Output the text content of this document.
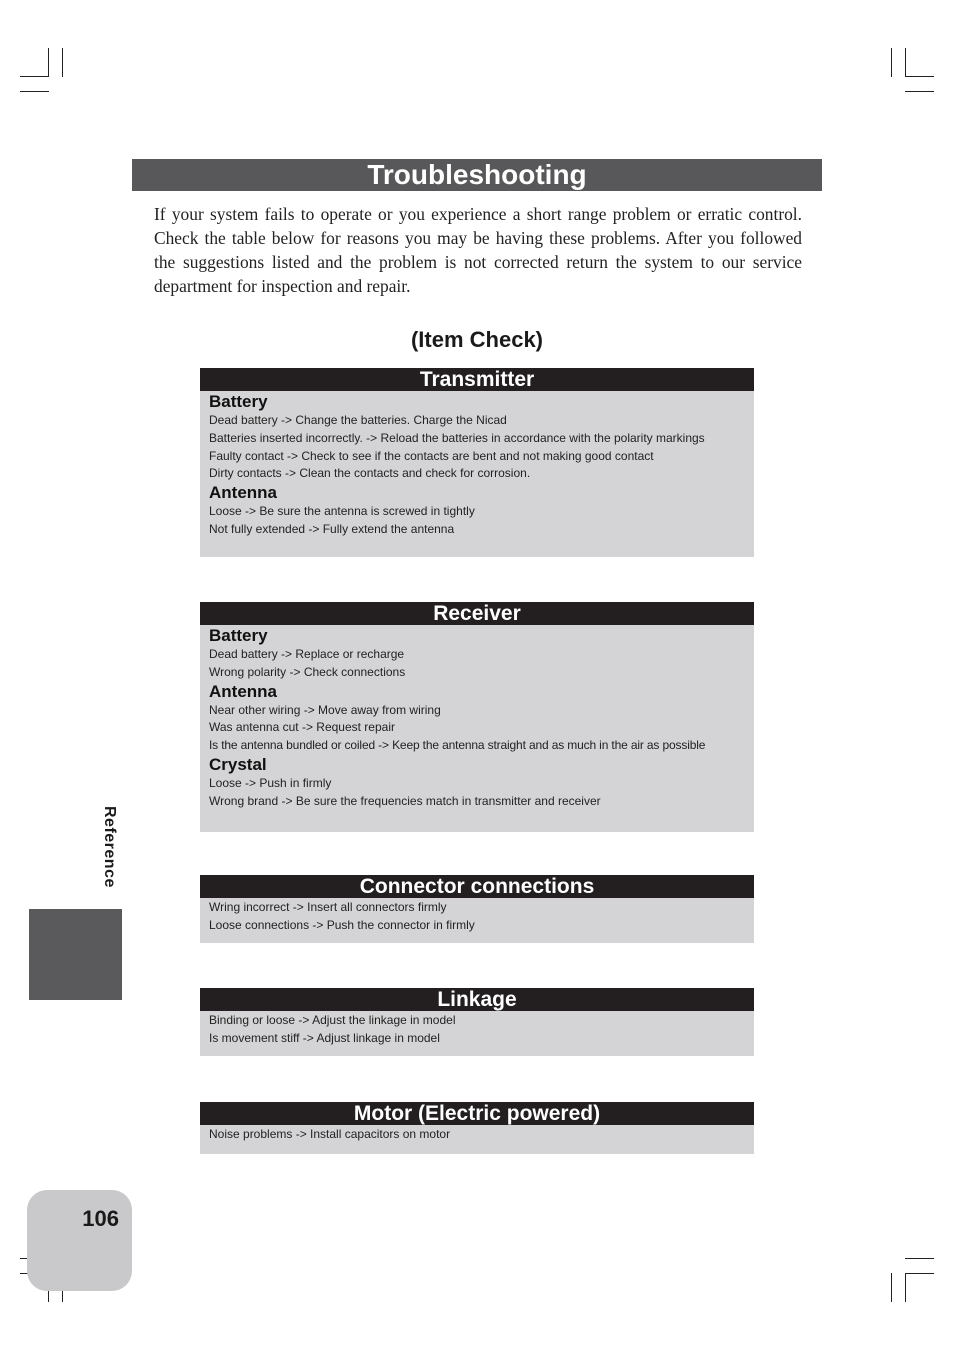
Troubleshooting
If your system fails to operate or you experience a short range problem or erratic control. Check the table below for reasons you may be having these problems. After you followed the suggestions listed and the problem is not corrected return the system to our service department for inspection and repair.
(Item Check)
Transmitter
Battery
Dead battery -> Change the batteries. Charge the Nicad
Batteries inserted incorrectly. -> Reload the batteries in accordance with the polarity markings
Faulty contact -> Check to see if the contacts are bent and not making good contact
Dirty contacts -> Clean the contacts and check for corrosion.
Antenna
Loose -> Be sure the antenna is screwed in tightly
Not fully extended -> Fully extend the antenna
Receiver
Battery
Dead battery -> Replace or recharge
Wrong polarity -> Check connections
Antenna
Near other wiring -> Move away from wiring
Was antenna cut -> Request repair
Is the antenna bundled or coiled -> Keep the antenna straight and as much in the air as possible
Crystal
Loose -> Push in firmly
Wrong brand -> Be sure the frequencies match in transmitter and receiver
Connector connections
Wring incorrect -> Insert all connectors firmly
Loose connections -> Push the connector in firmly
Linkage
Binding or loose -> Adjust the linkage in model
Is movement stiff -> Adjust linkage in model
Motor (Electric powered)
Noise problems -> Install capacitors on motor
Reference
106
